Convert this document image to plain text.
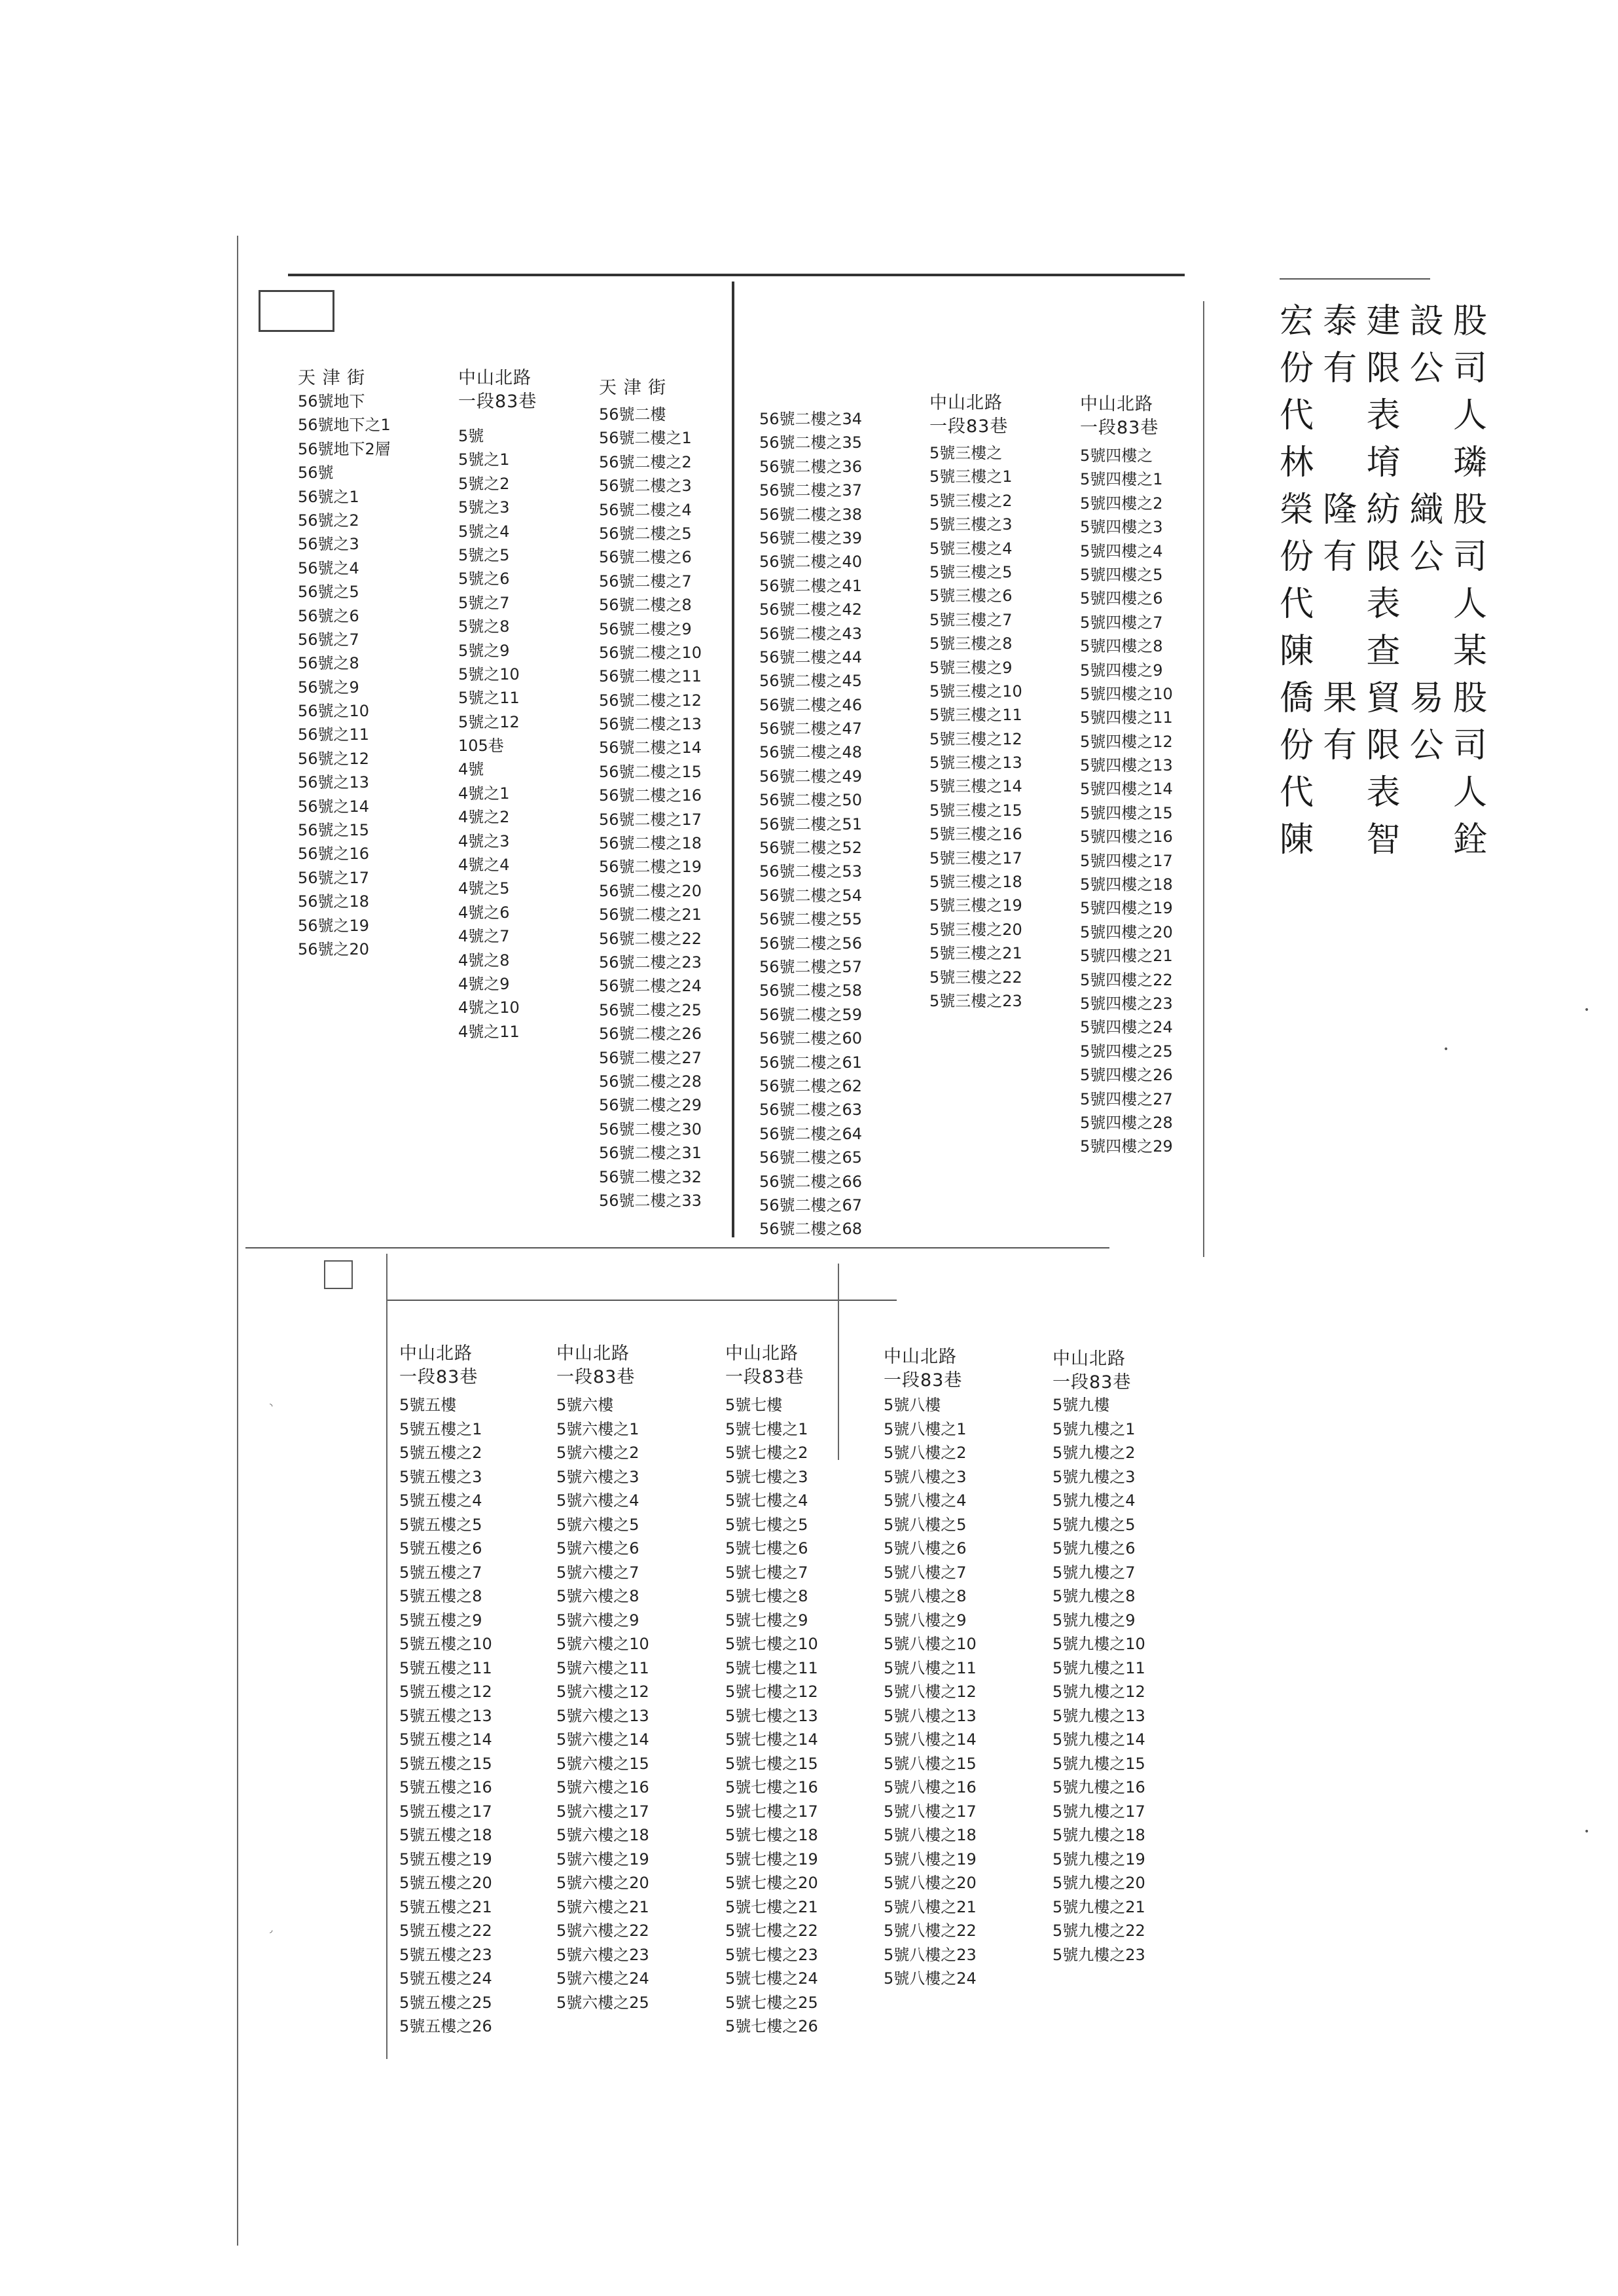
宏泰建設股
份有限公司
代表人
林堉璘
榮隆紡織股
份有限公司
代表人
陳查某
僑果貿易股
份有限公司
代表人
陳智銓
天 津 街
56號地下
56號地下之1
56號地下2層
56號
56號之1
56號之2
56號之3
56號之4
56號之5
56號之6
56號之7
56號之8
56號之9
56號之10
56號之11
56號之12
56號之13
56號之14
56號之15
56號之16
56號之17
56號之18
56號之19
56號之20
中山北路
一段83巷
5號
5號之1
5號之2
5號之3
5號之4
5號之5
5號之6
5號之7
5號之8
5號之9
5號之10
5號之11
5號之12
105巷
4號
4號之1
4號之2
4號之3
4號之4
4號之5
4號之6
4號之7
4號之8
4號之9
4號之10
4號之11
天 津 街
56號二樓
56號二樓之1
56號二樓之2
56號二樓之3
56號二樓之4
56號二樓之5
56號二樓之6
56號二樓之7
56號二樓之8
56號二樓之9
56號二樓之10
56號二樓之11
56號二樓之12
56號二樓之13
56號二樓之14
56號二樓之15
56號二樓之16
56號二樓之17
56號二樓之18
56號二樓之19
56號二樓之20
56號二樓之21
56號二樓之22
56號二樓之23
56號二樓之24
56號二樓之25
56號二樓之26
56號二樓之27
56號二樓之28
56號二樓之29
56號二樓之30
56號二樓之31
56號二樓之32
56號二樓之33
56號二樓之34
56號二樓之35
56號二樓之36
56號二樓之37
56號二樓之38
56號二樓之39
56號二樓之40
56號二樓之41
56號二樓之42
56號二樓之43
56號二樓之44
56號二樓之45
56號二樓之46
56號二樓之47
56號二樓之48
56號二樓之49
56號二樓之50
56號二樓之51
56號二樓之52
56號二樓之53
56號二樓之54
56號二樓之55
56號二樓之56
56號二樓之57
56號二樓之58
56號二樓之59
56號二樓之60
56號二樓之61
56號二樓之62
56號二樓之63
56號二樓之64
56號二樓之65
56號二樓之66
56號二樓之67
56號二樓之68
中山北路
一段83巷
5號三樓之
5號三樓之1
5號三樓之2
5號三樓之3
5號三樓之4
5號三樓之5
5號三樓之6
5號三樓之7
5號三樓之8
5號三樓之9
5號三樓之10
5號三樓之11
5號三樓之12
5號三樓之13
5號三樓之14
5號三樓之15
5號三樓之16
5號三樓之17
5號三樓之18
5號三樓之19
5號三樓之20
5號三樓之21
5號三樓之22
5號三樓之23
中山北路
一段83巷
5號四樓之
5號四樓之1
5號四樓之2
5號四樓之3
5號四樓之4
5號四樓之5
5號四樓之6
5號四樓之7
5號四樓之8
5號四樓之9
5號四樓之10
5號四樓之11
5號四樓之12
5號四樓之13
5號四樓之14
5號四樓之15
5號四樓之16
5號四樓之17
5號四樓之18
5號四樓之19
5號四樓之20
5號四樓之21
5號四樓之22
5號四樓之23
5號四樓之24
5號四樓之25
5號四樓之26
5號四樓之27
5號四樓之28
5號四樓之29
中山北路
一段83巷
5號五樓
5號五樓之1
5號五樓之2
5號五樓之3
5號五樓之4
5號五樓之5
5號五樓之6
5號五樓之7
5號五樓之8
5號五樓之9
5號五樓之10
5號五樓之11
5號五樓之12
5號五樓之13
5號五樓之14
5號五樓之15
5號五樓之16
5號五樓之17
5號五樓之18
5號五樓之19
5號五樓之20
5號五樓之21
5號五樓之22
5號五樓之23
5號五樓之24
5號五樓之25
5號五樓之26
中山北路
一段83巷
5號六樓
5號六樓之1
5號六樓之2
5號六樓之3
5號六樓之4
5號六樓之5
5號六樓之6
5號六樓之7
5號六樓之8
5號六樓之9
5號六樓之10
5號六樓之11
5號六樓之12
5號六樓之13
5號六樓之14
5號六樓之15
5號六樓之16
5號六樓之17
5號六樓之18
5號六樓之19
5號六樓之20
5號六樓之21
5號六樓之22
5號六樓之23
5號六樓之24
5號六樓之25
中山北路
一段83巷
5號七樓
5號七樓之1
5號七樓之2
5號七樓之3
5號七樓之4
5號七樓之5
5號七樓之6
5號七樓之7
5號七樓之8
5號七樓之9
5號七樓之10
5號七樓之11
5號七樓之12
5號七樓之13
5號七樓之14
5號七樓之15
5號七樓之16
5號七樓之17
5號七樓之18
5號七樓之19
5號七樓之20
5號七樓之21
5號七樓之22
5號七樓之23
5號七樓之24
5號七樓之25
5號七樓之26
中山北路
一段83巷
5號八樓
5號八樓之1
5號八樓之2
5號八樓之3
5號八樓之4
5號八樓之5
5號八樓之6
5號八樓之7
5號八樓之8
5號八樓之9
5號八樓之10
5號八樓之11
5號八樓之12
5號八樓之13
5號八樓之14
5號八樓之15
5號八樓之16
5號八樓之17
5號八樓之18
5號八樓之19
5號八樓之20
5號八樓之21
5號八樓之22
5號八樓之23
5號八樓之24
中山北路
一段83巷
5號九樓
5號九樓之1
5號九樓之2
5號九樓之3
5號九樓之4
5號九樓之5
5號九樓之6
5號九樓之7
5號九樓之8
5號九樓之9
5號九樓之10
5號九樓之11
5號九樓之12
5號九樓之13
5號九樓之14
5號九樓之15
5號九樓之16
5號九樓之17
5號九樓之18
5號九樓之19
5號九樓之20
5號九樓之21
5號九樓之22
5號九樓之23
•
•
•
◝
◞
